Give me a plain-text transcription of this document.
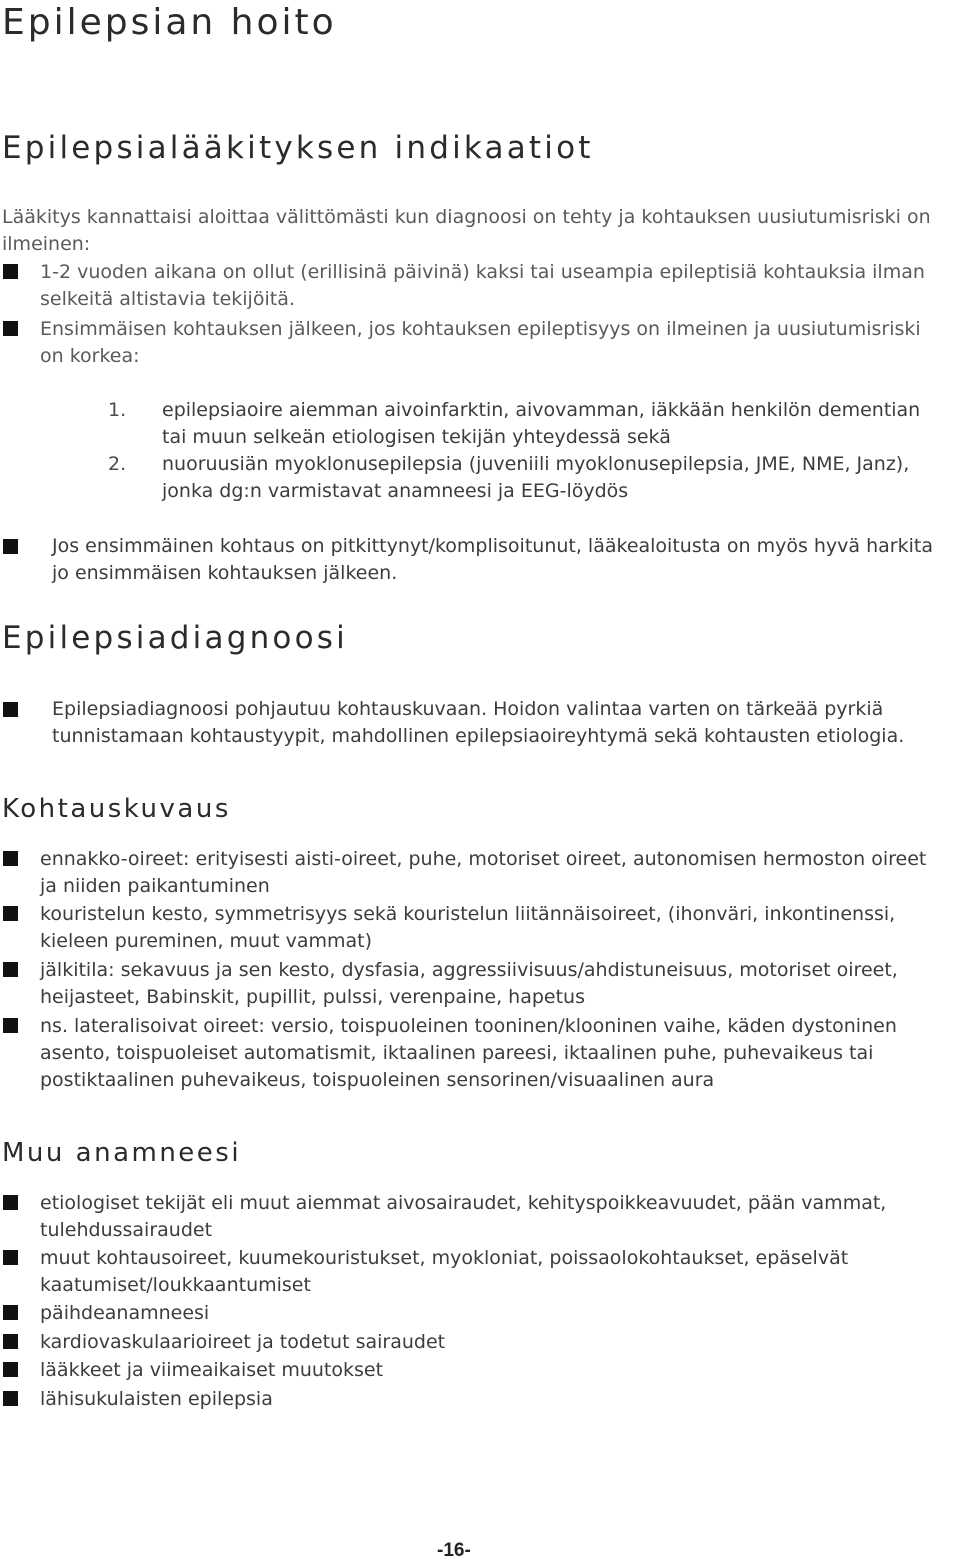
Epilepsian hoito
Epilepsialääkityksen indikaatiot
Lääkitys kannattaisi aloittaa välittömästi kun diagnoosi on tehty ja kohtauksen uusiutumisriski on ilmeinen:
1-2 vuoden aikana on ollut (erillisinä päivinä) kaksi tai useampia epileptisiä kohtauksia ilman selkeitä altistavia tekijöitä.
Ensimmäisen kohtauksen jälkeen, jos kohtauksen epileptisyys on ilmeinen ja uusiutumisriski on korkea:
1. epilepsiaoire aiemman aivoinfarktin, aivovamman, iäkkään henkilön dementian tai muun selkeän etiologisen tekijän yhteydessä sekä
2. nuoruusiän myoklonusepilepsia (juveniili myoklonusepilepsia, JME, NME, Janz), jonka dg:n varmistavat anamneesi ja EEG-löydös
Jos ensimmäinen kohtaus on pitkittynyt/komplisoitunut, lääkealoitusta on myös hyvä harkita jo ensimmäisen kohtauksen jälkeen.
Epilepsiadiagnoosi
Epilepsiadiagnoosi pohjautuu kohtauskuvaan. Hoidon valintaa varten on tärkeää pyrkiä tunnistamaan kohtaustyypit, mahdollinen epilepsiaoireyhtymä sekä kohtausten etiologia.
Kohtauskuvaus
ennakko-oireet: erityisesti aisti-oireet, puhe, motoriset oireet, autonomisen hermoston oireet ja niiden paikantuminen
kouristelun kesto, symmetrisyys sekä kouristelun liitännäisoireet, (ihonväri, inkontinenssi, kieleen pureminen, muut vammat)
jälkitila: sekavuus ja sen kesto, dysfasia, aggressiivisuus/ahdistuneisuus, motoriset oireet, heijasteet, Babinskit, pupillit, pulssi, verenpaine, hapetus
ns. lateralisoivat oireet: versio, toispuoleinen tooninen/klooninen vaihe, käden dystoninen asento, toispuoleiset automatismit, iktaalinen pareesi, iktaalinen puhe, puhevaikeus tai postiktaalinen puhevaikeus, toispuoleinen sensorinen/visuaalinen aura
Muu anamneesi
etiologiset tekijät eli muut aiemmat aivosairaudet, kehityspoikkeavuudet, pään vammat, tulehdussairaudet
muut kohtausoireet, kuumekouristukset, myokloniat, poissaolokohtaukset, epäselvät kaatumiset/loukkaantumiset
päihdeanamneesi
kardiovaskulaarioireet ja todetut sairaudet
lääkkeet ja viimeaikaiset muutokset
lähisukulaisten epilepsia
-16-
